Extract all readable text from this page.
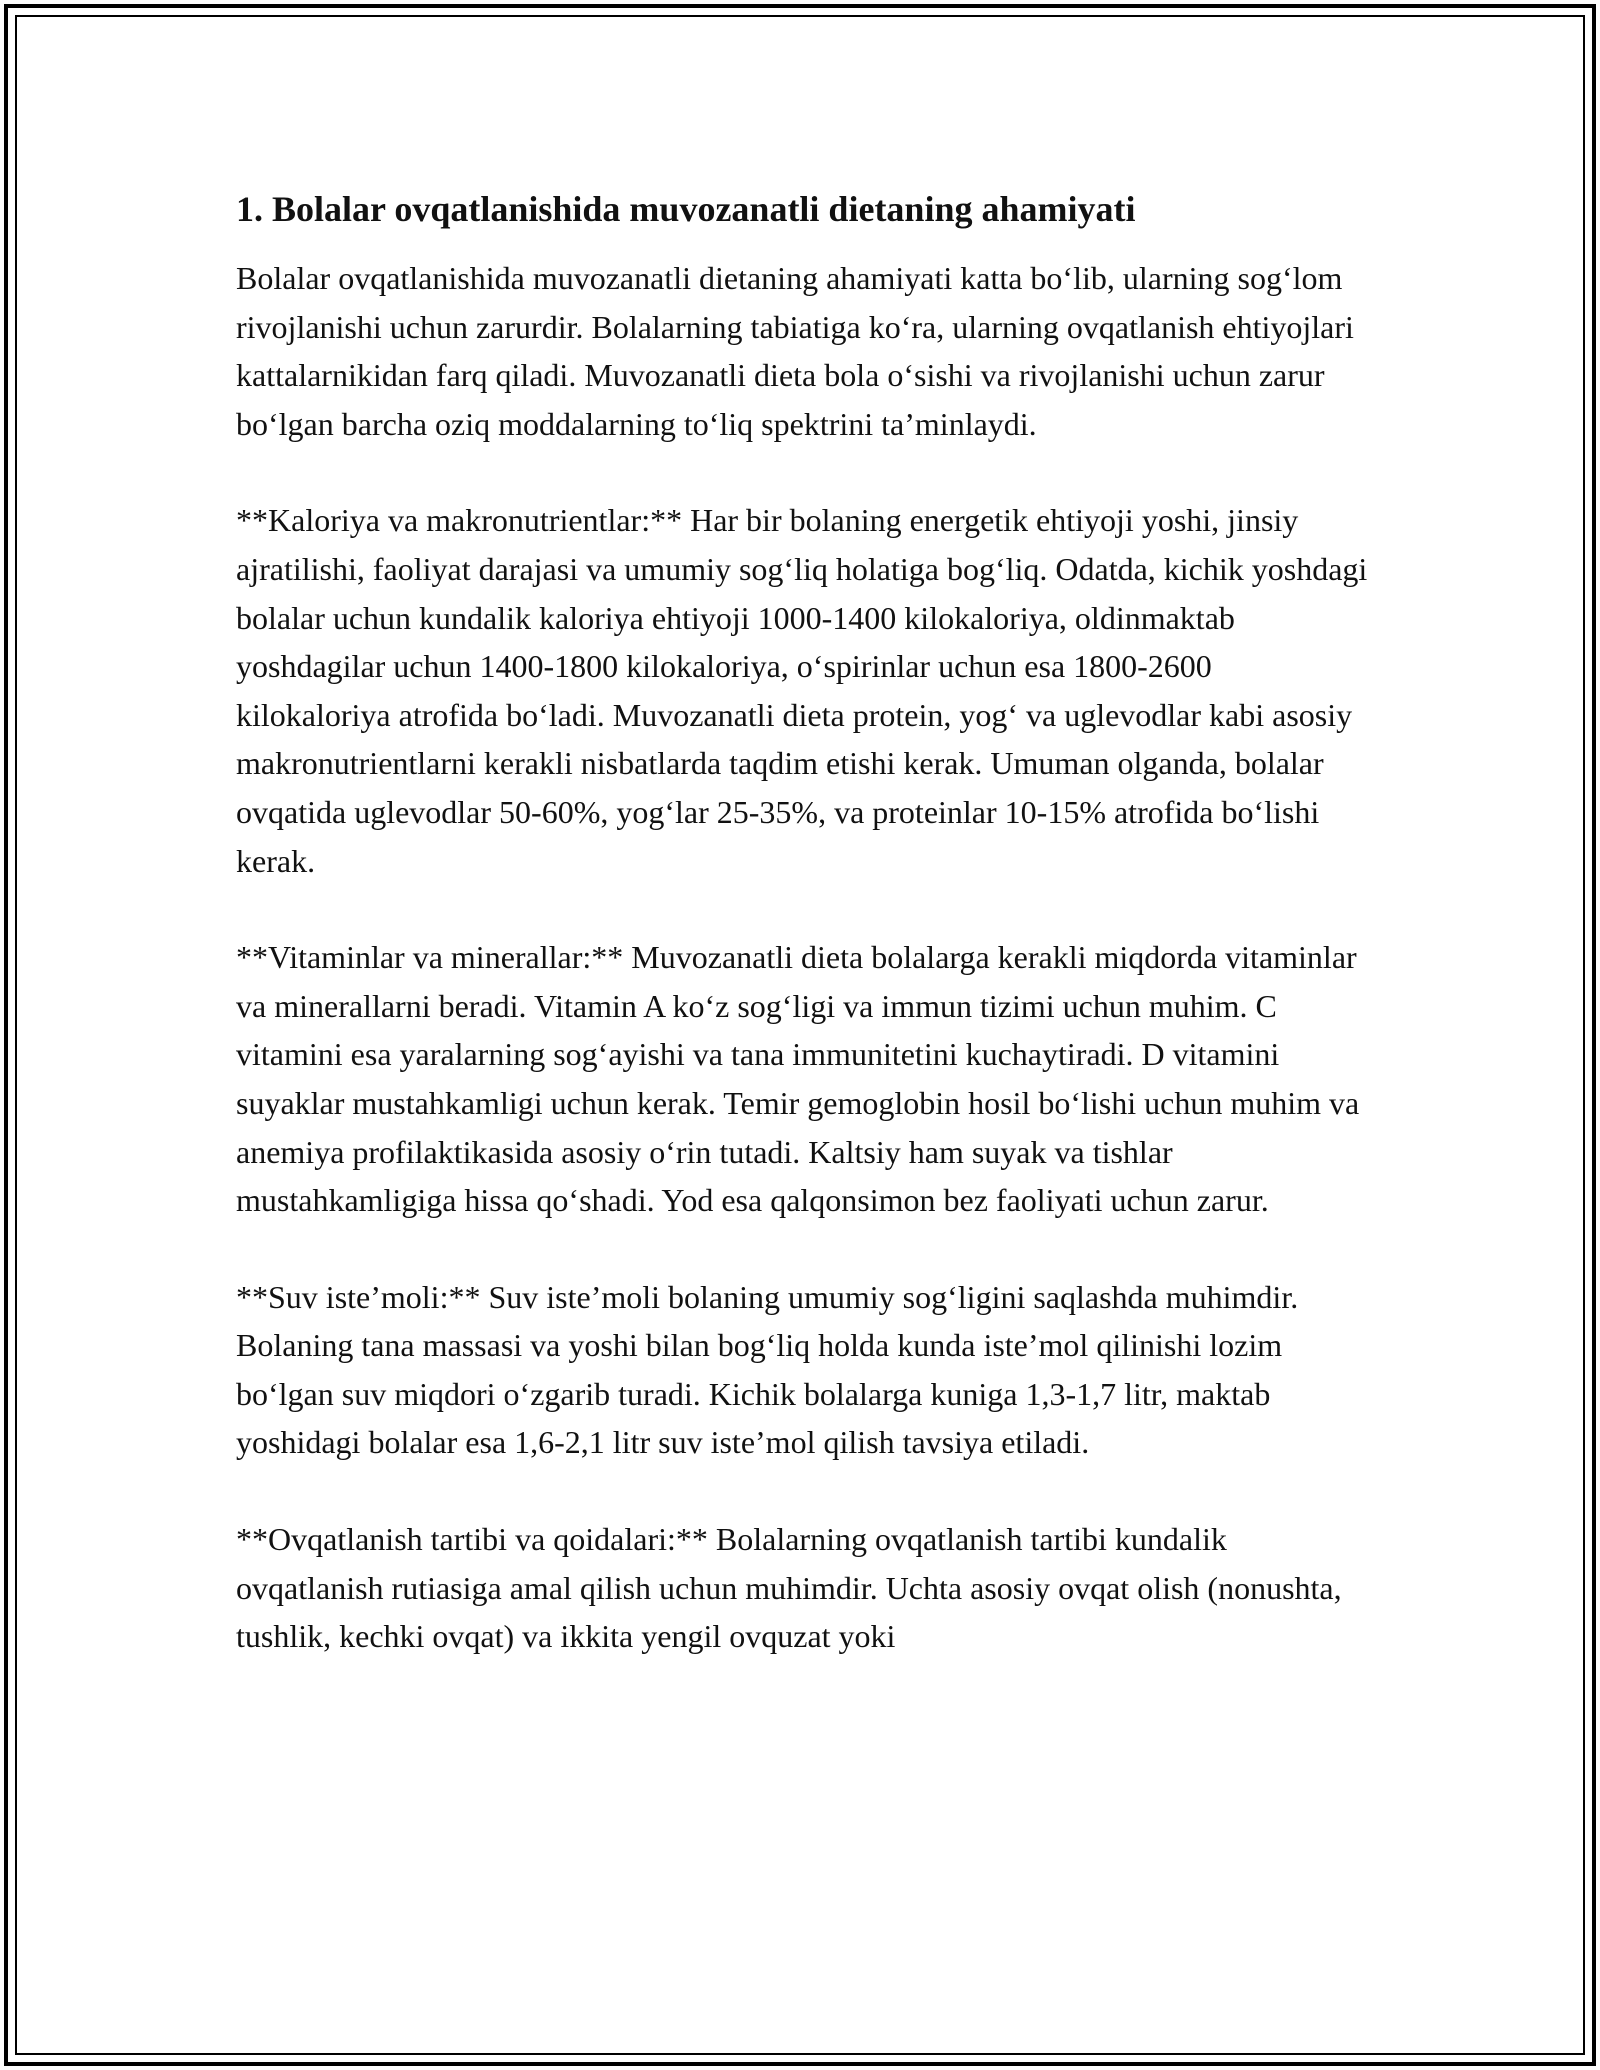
1. Bolalar ovqatlanishida muvozanatli dietaning ahamiyati

Bolalar ovqatlanishida muvozanatli dietaning ahamiyati katta bo‘lib, ularning sog‘lom rivojlanishi uchun zarurdir. Bolalarning tabiatiga ko‘ra, ularning ovqatlanish ehtiyojlari kattalarnikidan farq qiladi. Muvozanatli dieta bola o‘sishi va rivojlanishi uchun zarur bo‘lgan barcha oziq moddalarning to‘liq spektrini ta’minlaydi.

**Kaloriya va makronutrientlar:** Har bir bolaning energetik ehtiyoji yoshi, jinsiy ajratilishi, faoliyat darajasi va umumiy sog‘liq holatiga bog‘liq. Odatda, kichik yoshdagi bolalar uchun kundalik kaloriya ehtiyoji 1000-1400 kilokaloriya, oldinmaktab yoshdagilar uchun 1400-1800 kilokaloriya, o‘spirinlar uchun esa 1800-2600 kilokaloriya atrofida bo‘ladi. Muvozanatli dieta protein, yog‘ va uglevodlar kabi asosiy makronutrientlarni kerakli nisbatlarda taqdim etishi kerak. Umuman olganda, bolalar ovqatida uglevodlar 50-60%, yog‘lar 25-35%, va proteinlar 10-15% atrofida bo‘lishi kerak.

**Vitaminlar va minerallar:** Muvozanatli dieta bolalarga kerakli miqdorda vitaminlar va minerallarni beradi. Vitamin A ko‘z sog‘ligi va immun tizimi uchun muhim. C vitamini esa yaralarning sog‘ayishi va tana immunitetini kuchaytiradi. D vitamini suyaklar mustahkamligi uchun kerak. Temir gemoglobin hosil bo‘lishi uchun muhim va anemiya profilaktikasida asosiy o‘rin tutadi. Kaltsiy ham suyak va tishlar mustahkamligiga hissa qo‘shadi. Yod esa qalqonsimon bez faoliyati uchun zarur.

**Suv iste’moli:** Suv iste’moli bolaning umumiy sog‘ligini saqlashda muhimdir. Bolaning tana massasi va yoshi bilan bog‘liq holda kunda iste’mol qilinishi lozim bo‘lgan suv miqdori o‘zgarib turadi. Kichik bolalarga kuniga 1,3-1,7 litr, maktab yoshidagi bolalar esa 1,6-2,1 litr suv iste’mol qilish tavsiya etiladi.

**Ovqatlanish tartibi va qoidalari:** Bolalarning ovqatlanish tartibi kundalik ovqatlanish rutiasiga amal qilish uchun muhimdir. Uchta asosiy ovqat olish (nonushta, tushlik, kechki ovqat) va ikkita yengil ovquzat yoki
